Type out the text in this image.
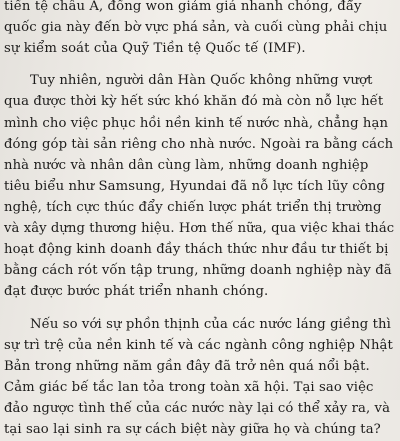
tiền tệ châu Á, đồng won giảm giá nhanh chóng, đẩy
quốc gia này đến bờ vực phá sản, và cuối cùng phải chịu
sự kiểm soát của Quỹ Tiền tệ Quốc tế (IMF).
Tuy nhiên, người dân Hàn Quốc không những vượt
qua được thời kỳ hết sức khó khăn đó mà còn nỗ lực hết
mình cho việc phục hồi nền kinh tế nước nhà, chẳng hạn
đóng góp tài sản riêng cho nhà nước. Ngoài ra bằng cách
nhà nước và nhân dân cùng làm, những doanh nghiệp
tiêu biểu như Samsung, Hyundai đã nỗ lực tích lũy công
nghệ, tích cực thúc đẩy chiến lược phát triển thị trường
và xây dựng thương hiệu. Hơn thế nữa, qua việc khai thác
hoạt động kinh doanh đầy thách thức như đầu tư thiết bị
bằng cách rót vốn tập trung, những doanh nghiệp này đã
đạt được bước phát triển nhanh chóng.
Nếu so với sự phồn thịnh của các nước láng giềng thì
sự trì trệ của nền kinh tế và các ngành công nghiệp Nhật
Bản trong những năm gần đây đã trở nên quá nổi bật.
Cảm giác bế tắc lan tỏa trong toàn xã hội. Tại sao việc
đảo ngược tình thế của các nước này lại có thể xảy ra, và
tại sao lại sinh ra sự cách biệt này giữa họ và chúng ta?
